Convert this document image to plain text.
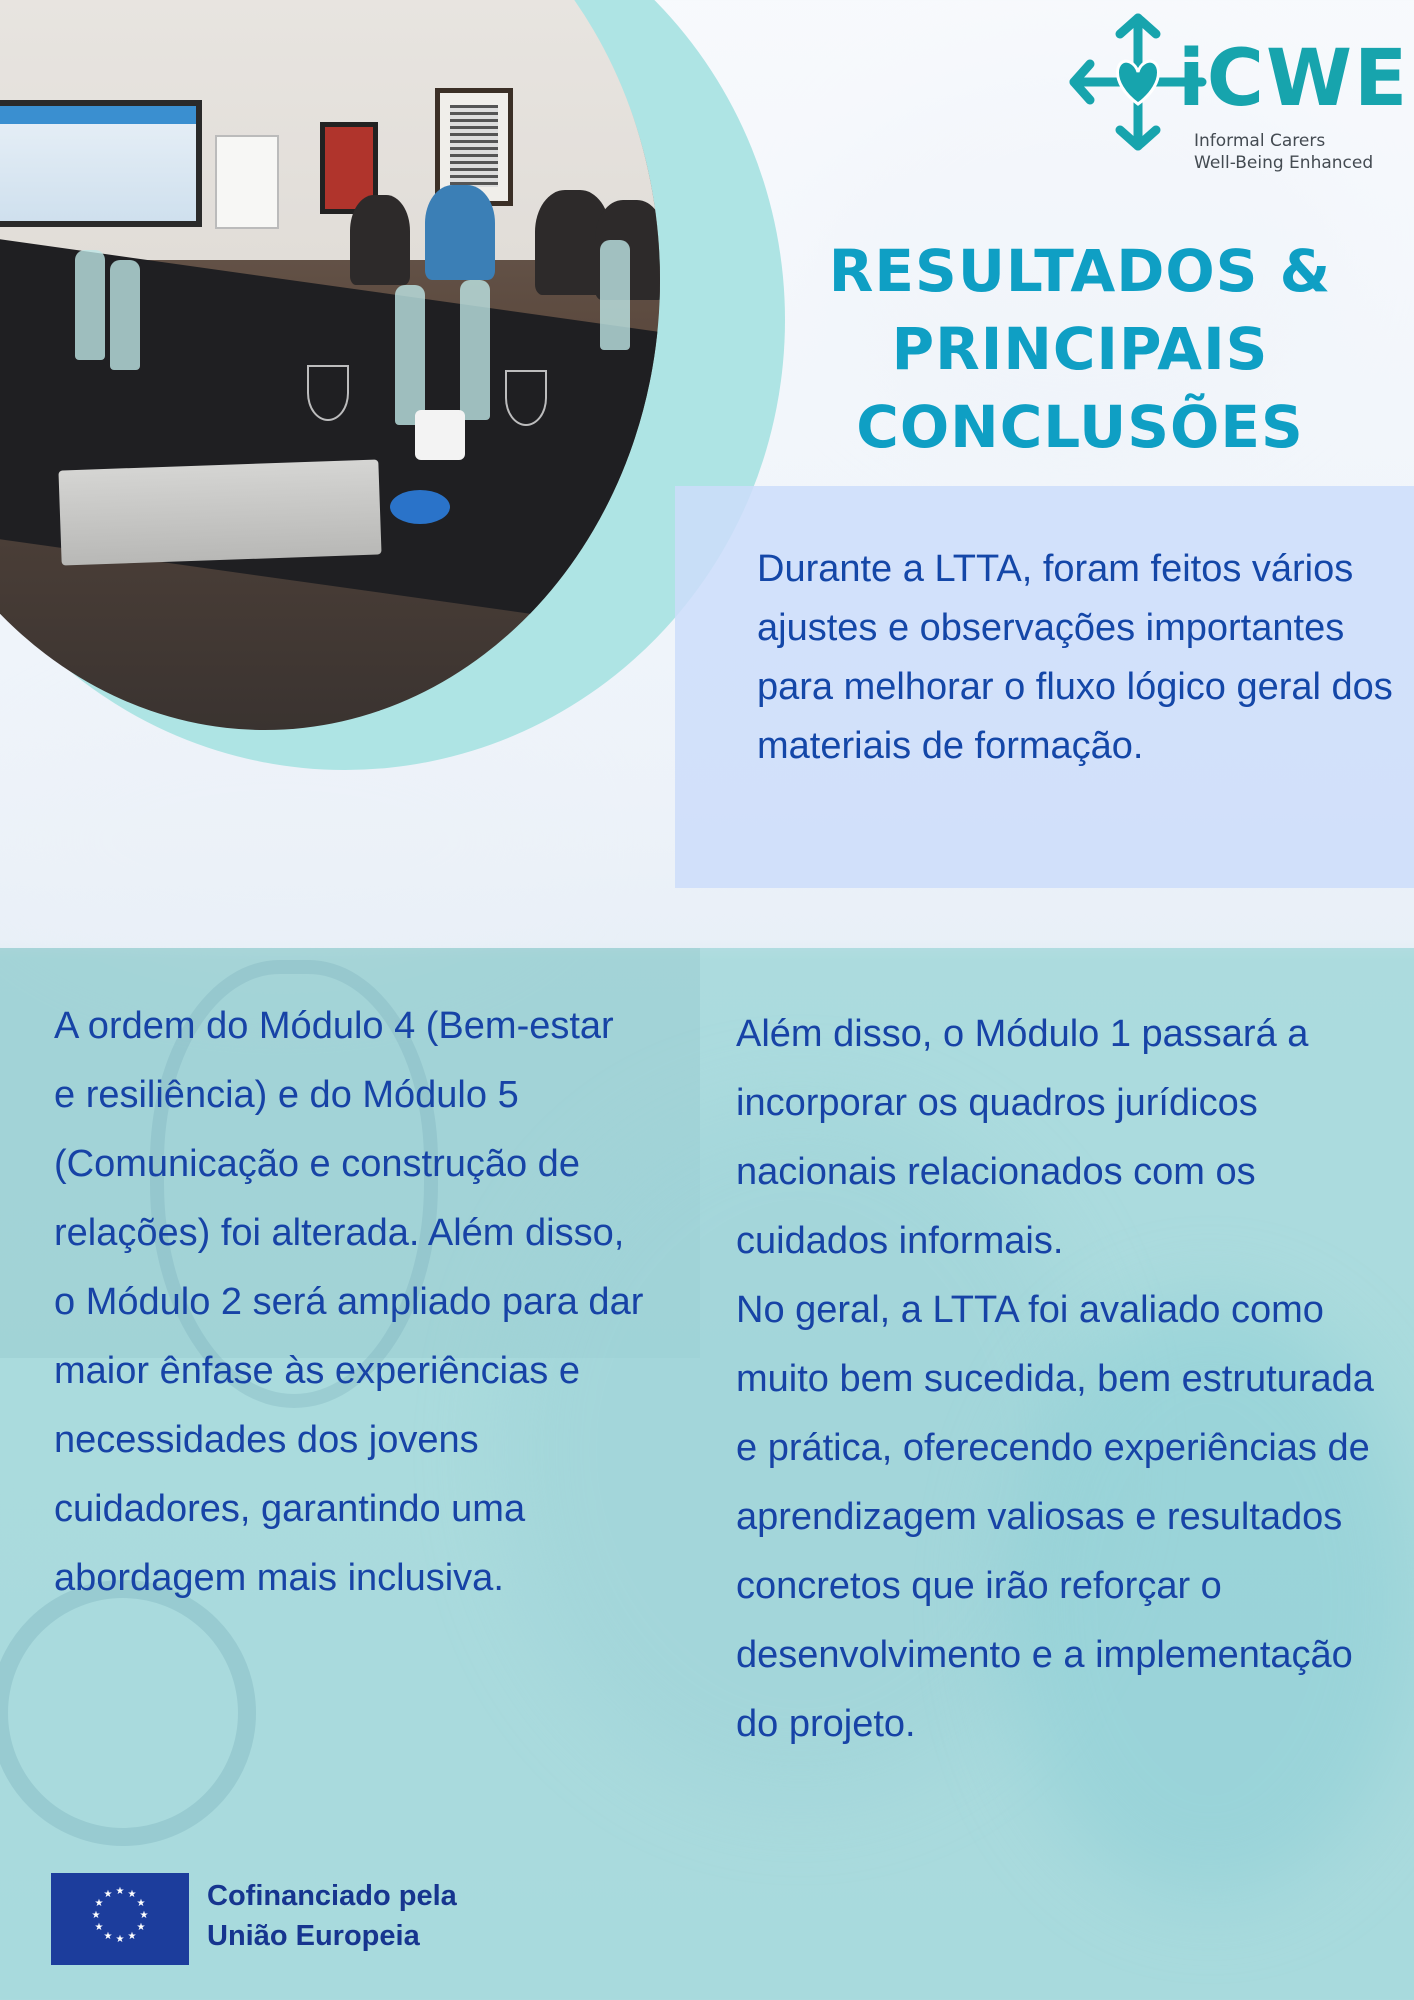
iCWE
Informal Carers
Well-Being Enhanced
RESULTADOS &
PRINCIPAIS
CONCLUSÕES

Durante a LTTA, foram feitos vários ajustes e observações importantes para melhorar o fluxo lógico geral dos materiais de formação.

A ordem do Módulo 4 (Bem-estar e resiliência) e do Módulo 5 (Comunicação e construção de relações) foi alterada. Além disso, o Módulo 2 será ampliado para dar maior ênfase às experiências e necessidades dos jovens cuidadores, garantindo uma abordagem mais inclusiva.

Além disso, o Módulo 1 passará a incorporar os quadros jurídicos nacionais relacionados com os cuidados informais.

No geral, a LTTA foi avaliado como muito bem sucedida, bem estruturada e prática, oferecendo experiências de aprendizagem valiosas e resultados concretos que irão reforçar o desenvolvimento e a implementação do projeto.

★ ★
★
★
★
★
★
★
★
★
★
★	Cofinanciado pela
União Europeia
